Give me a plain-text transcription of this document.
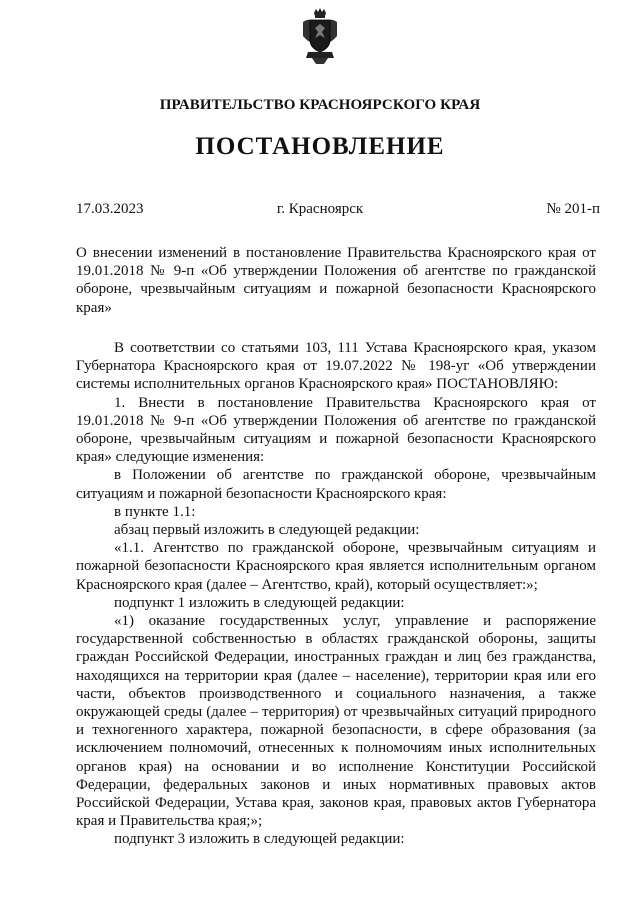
ПРАВИТЕЛЬСТВО КРАСНОЯРСКОГО КРАЯ
ПОСТАНОВЛЕНИЕ
17.03.2023	г. Красноярск	№ 201-п

О внесении изменений в постановление Правительства Красноярского края от 19.01.2018 № 9-п «Об утверждении Положения об агентстве по гражданской обороне, чрезвычайным ситуациям и пожарной безопасности Красноярского края»

В соответствии со статьями 103, 111 Устава Красноярского края, указом Губернатора Красноярского края от 19.07.2022 № 198-уг «Об утверждении системы исполнительных органов Красноярского края» ПОСТАНОВЛЯЮ:

1. Внести в постановление Правительства Красноярского края от 19.01.2018 № 9-п «Об утверждении Положения об агентстве по гражданской обороне, чрезвычайным ситуациям и пожарной безопасности Красноярского края» следующие изменения:

в Положении об агентстве по гражданской обороне, чрезвычайным ситуациям и пожарной безопасности Красноярского края:

в пункте 1.1:

абзац первый изложить в следующей редакции:

«1.1. Агентство по гражданской обороне, чрезвычайным ситуациям и пожарной безопасности Красноярского края является исполнительным органом Красноярского края (далее – Агентство, край), который осуществляет:»;

подпункт 1 изложить в следующей редакции:

«1) оказание государственных услуг, управление и распоряжение государственной собственностью в областях гражданской обороны, защиты граждан Российской Федерации, иностранных граждан и лиц без гражданства, находящихся на территории края (далее – население), территории края или его части, объектов производственного и социального назначения, а также окружающей среды (далее – территория) от чрезвычайных ситуаций природного и техногенного характера, пожарной безопасности, в сфере образования (за исключением полномочий, отнесенных к полномочиям иных исполнительных органов края) на основании и во исполнение Конституции Российской Федерации, федеральных законов и иных нормативных правовых актов Российской Федерации, Устава края, законов края, правовых актов Губернатора края и Правительства края;»;

подпункт 3 изложить в следующей редакции:
